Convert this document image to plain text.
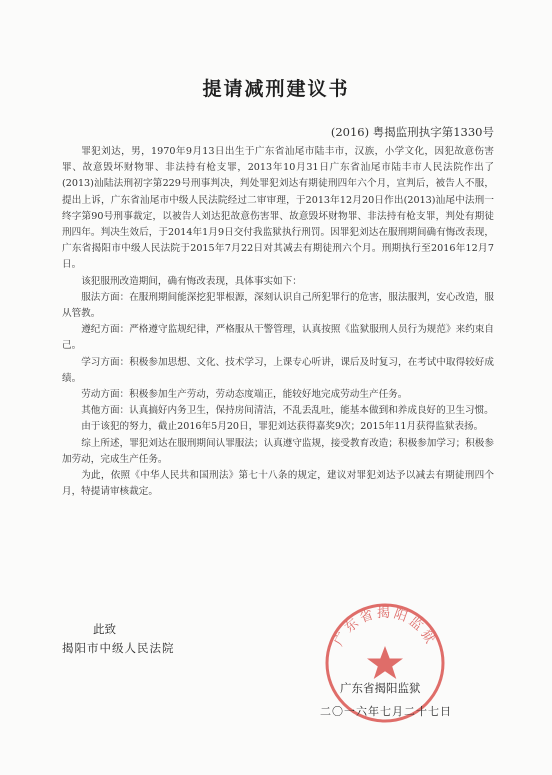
提请减刑建议书
(2016) 粤揭监刑执字第1330号

罪犯刘达，男，1970年9月13日出生于广东省汕尾市陆丰市，汉族，小学文化，因犯故意伤害罪、故意毁坏财物罪、非法持有枪支罪，2013年10月31日广东省汕尾市陆丰市人民法院作出了(2013)汕陆法刑初字第229号刑事判决，判处罪犯刘达有期徒刑四年六个月，宣判后，被告人不服，提出上诉，广东省汕尾市中级人民法院经过二审审理，于2013年12月20日作出(2013)汕尾中法刑一终字第90号刑事裁定，以被告人刘达犯故意伤害罪、故意毁坏财物罪、非法持有枪支罪，判处有期徒刑四年。判决生效后，于2014年1月9日交付我监狱执行刑罚。因罪犯刘达在服刑期间确有悔改表现，广东省揭阳市中级人民法院于2015年7月22日对其减去有期徒刑六个月。刑期执行至2016年12月7日。

该犯服刑改造期间，确有悔改表现，具体事实如下：

服法方面：在服刑期间能深挖犯罪根源，深刻认识自己所犯罪行的危害，服法服判，安心改造，服从管教。

遵纪方面：严格遵守监规纪律，严格服从干警管理，认真按照《监狱服刑人员行为规范》来约束自己。

学习方面：积极参加思想、文化、技术学习，上课专心听讲，课后及时复习，在考试中取得较好成绩。

劳动方面：积极参加生产劳动，劳动态度端正，能较好地完成劳动生产任务。

其他方面：认真搞好内务卫生，保持房间清洁，不乱丢乱吐，能基本做到和养成良好的卫生习惯。

由于该犯的努力，截止2016年5月20日，罪犯刘达获得嘉奖9次；2015年11月获得监狱表扬。

综上所述，罪犯刘达在服刑期间认罪服法；认真遵守监规，接受教育改造；积极参加学习；积极参加劳动，完成生产任务。

为此，依照《中华人民共和国刑法》第七十八条的规定，建议对罪犯刘达予以减去有期徒刑四个月，特提请审核裁定。

此致
揭阳市中级人民法院	广东省揭阳监狱
广东省揭阳监狱
二〇一六年七月二十七日
